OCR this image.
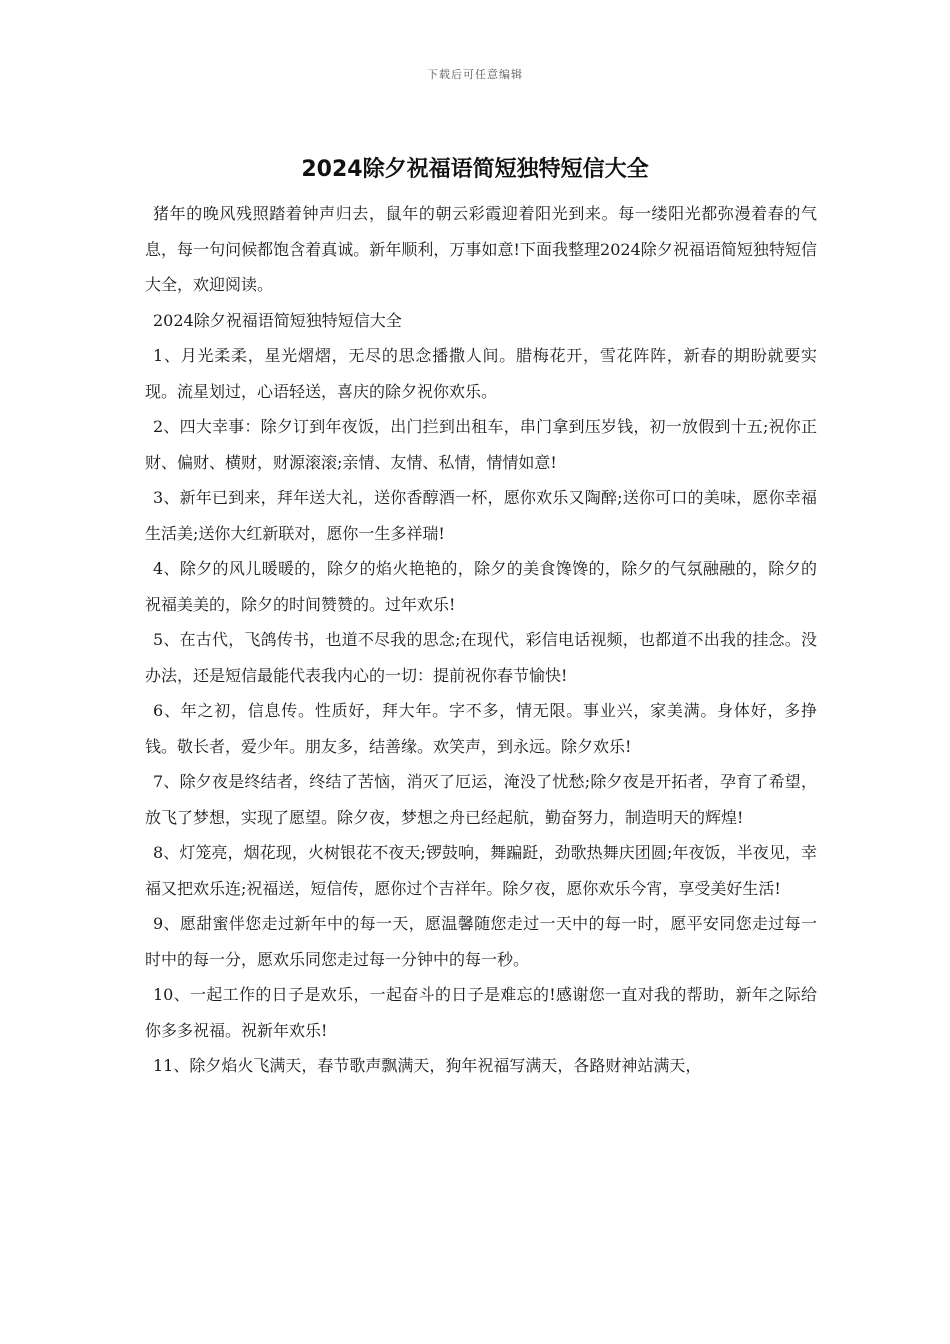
下载后可任意编辑
2024除夕祝福语简短独特短信大全

猪年的晚风残照踏着钟声归去，鼠年的朝云彩霞迎着阳光到来。每一缕阳光都弥漫着春的气息，每一句问候都饱含着真诚。新年顺利，万事如意!下面我整理2024除夕祝福语简短独特短信大全，欢迎阅读。

2024除夕祝福语简短独特短信大全

1、月光柔柔，星光熠熠，无尽的思念播撒人间。腊梅花开，雪花阵阵，新春的期盼就要实现。流星划过，心语轻送，喜庆的除夕祝你欢乐。

2、四大幸事：除夕订到年夜饭，出门拦到出租车，串门拿到压岁钱，初一放假到十五;祝你正财、偏财、横财，财源滚滚;亲情、友情、私情，情情如意!

3、新年已到来，拜年送大礼，送你香醇酒一杯，愿你欢乐又陶醉;送你可口的美味，愿你幸福生活美;送你大红新联对，愿你一生多祥瑞!

4、除夕的风儿暖暖的，除夕的焰火艳艳的，除夕的美食馋馋的，除夕的气氛融融的，除夕的祝福美美的，除夕的时间赞赞的。过年欢乐!

5、在古代，飞鸽传书，也道不尽我的思念;在现代，彩信电话视频，也都道不出我的挂念。没办法，还是短信最能代表我内心的一切：提前祝你春节愉快!

6、年之初，信息传。性质好，拜大年。字不多，情无限。事业兴，家美满。身体好，多挣钱。敬长者，爱少年。朋友多，结善缘。欢笑声，到永远。除夕欢乐!

7、除夕夜是终结者，终结了苦恼，消灭了厄运，淹没了忧愁;除夕夜是开拓者，孕育了希望，放飞了梦想，实现了愿望。除夕夜，梦想之舟已经起航，勤奋努力，制造明天的辉煌!

8、灯笼亮，烟花现，火树银花不夜天;锣鼓响，舞蹁跹，劲歌热舞庆团圆;年夜饭，半夜见，幸福又把欢乐连;祝福送，短信传，愿你过个吉祥年。除夕夜，愿你欢乐今宵，享受美好生活!

9、愿甜蜜伴您走过新年中的每一天，愿温馨随您走过一天中的每一时，愿平安同您走过每一时中的每一分，愿欢乐同您走过每一分钟中的每一秒。

10、一起工作的日子是欢乐，一起奋斗的日子是难忘的!感谢您一直对我的帮助，新年之际给你多多祝福。祝新年欢乐!

11、除夕焰火飞满天，春节歌声飘满天，狗年祝福写满天，各路财神站满天，
